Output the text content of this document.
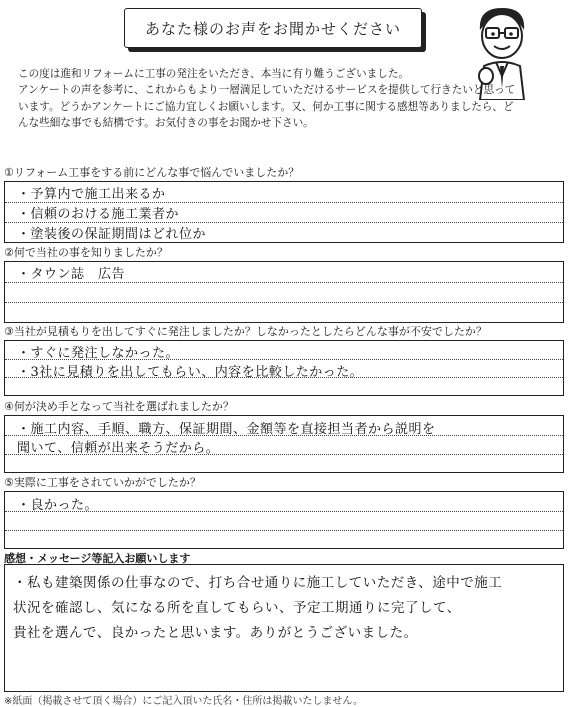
あなた様のお声をお聞かせください

この度は進和リフォームに工事の発注をいただき、本当に有り難うございました。

アンケートの声を参考に、これからもより一層満足していただけるサービスを提供して行きたいと思って

います。どうかアンケートにご協力宜しくお願いします。又、何か工事に関する感想等ありましたら、ど

んな些細な事でも結構です。お気付きの事をお聞かせ下さい。

①リフォーム工事をする前にどんな事で悩んでいましたか？
・予算内で施工出来るか
・信頼のおける施工業者か
・塗装後の保証期間はどれ位か
②何で当社の事を知りましたか？
・タウン誌　広告
③当社が見積もりを出してすぐに発注しましたか？しなかったとしたらどんな事が不安でしたか？
・すぐに発注しなかった。
・3社に見積りを出してもらい、内容を比較したかった。
④何が決め手となって当社を選ばれましたか？
・施工内容、手順、職方、保証期間、金額等を直接担当者から説明を
聞いて、信頼が出来そうだから。
⑤実際に工事をされていかがでしたか？
・良かった。
感想・メッセージ等記入お願いします
・私も建築関係の仕事なので、打ち合せ通りに施工していただき、途中で施工
状況を確認し、気になる所を直してもらい、予定工期通りに完了して、
貴社を選んで、良かったと思います。ありがとうございました。
※紙面（掲載させて頂く場合）にご記入頂いた氏名・住所は掲載いたしません。
